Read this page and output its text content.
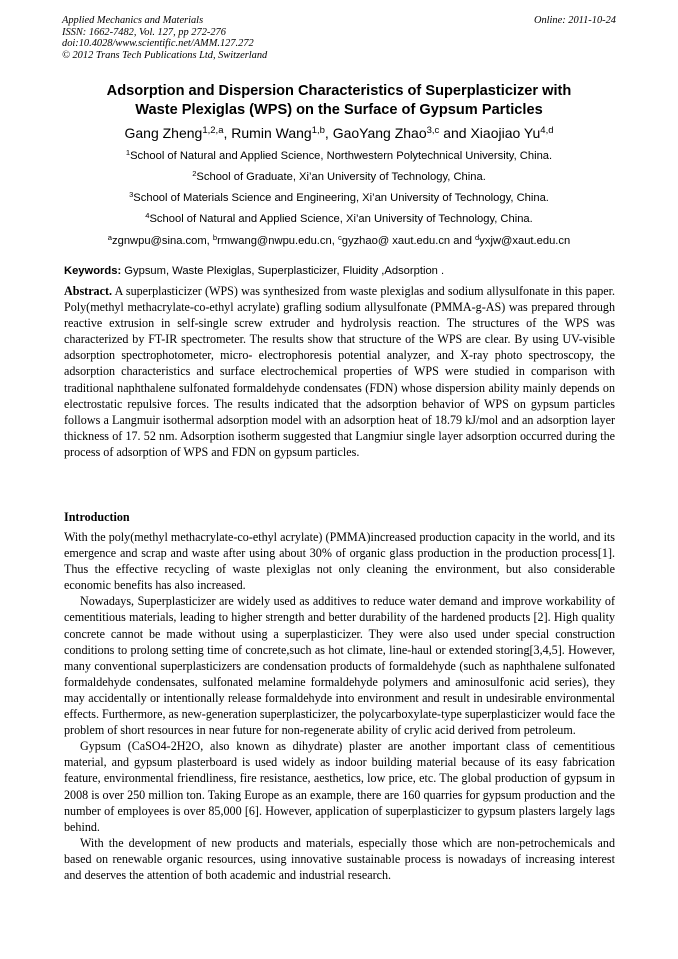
Applied Mechanics and Materials
ISSN: 1662-7482, Vol. 127, pp 272-276
doi:10.4028/www.scientific.net/AMM.127.272
© 2012 Trans Tech Publications Ltd, Switzerland
Online: 2011-10-24
Adsorption and Dispersion Characteristics of Superplasticizer with
Waste Plexiglas (WPS) on the Surface of Gypsum Particles
Gang Zheng$^{1,2,a}$, Rumin Wang$^{1,b}$, GaoYang Zhao$^{3,c}$ and Xiaojiao Yu$^{4,d}$
$^1$School of Natural and Applied Science, Northwestern Polytechnical University, China.
$^2$School of Graduate, Xi’an University of Technology, China.
$^3$School of Materials Science and Engineering, Xi’an University of Technology, China.
$^4$School of Natural and Applied Science, Xi’an University of Technology, China.
$^a$zgnwpu@sina.com, $^b$rmwang@nwpu.edu.cn, $^c$gyzhao@ xaut.edu.cn and $^d$yxjw@xaut.edu.cn
Keywords: Gypsum, Waste Plexiglas, Superplasticizer, Fluidity ,Adsorption .
Abstract. A superplasticizer (WPS) was synthesized from waste plexiglas and sodium allysulfonate in this paper. Poly(methyl methacrylate-co-ethyl acrylate) grafling sodium allysulfonate (PMMA-g-AS) was prepared through reactive extrusion in self-single screw extruder and hydrolysis reaction. The structures of the WPS was characterized by FT-IR spectrometer. The results show that structure of the WPS are clear. By using UV-visible adsorption spectrophotometer, micro- electrophoresis potential analyzer, and X-ray photo spectroscopy, the adsorption characteristics and surface electrochemical properties of WPS were studied in comparison with traditional naphthalene sulfonated formaldehyde condensates (FDN) whose dispersion ability mainly depends on electrostatic repulsive forces. The results indicated that the adsorption behavior of WPS on gypsum particles follows a Langmuir isothermal adsorption model with an adsorption heat of 18.79 kJ/mol and an adsorption layer thickness of 17. 52 nm. Adsorption isotherm suggested that Langmiur single layer adsorption occurred during the process of adsorption of WPS and FDN on gypsum particles.
Introduction

With the poly(methyl methacrylate-co-ethyl acrylate) (PMMA)increased production capacity in the world, and its emergence and scrap and waste after using about 30% of organic glass production in the production process[1]. Thus the effective recycling of waste plexiglas not only cleaning the environment, but also considerable economic benefits has also increased.

Nowadays, Superplasticizer are widely used as additives to reduce water demand and improve workability of cementitious materials, leading to higher strength and better durability of the hardened products [2]. High quality concrete cannot be made without using a superplasticizer. They were also used under special construction conditions to prolong setting time of concrete,such as hot climate, line-haul or extended storing[3,4,5]. However, many conventional superplasticizers are condensation products of formaldehyde (such as naphthalene sulfonated formaldehyde condensates, sulfonated melamine formaldehyde polymers and aminosulfonic acid series), they may accidentally or intentionally release formaldehyde into environment and result in undesirable environmental effects. Furthermore, as new-generation superplasticizer, the polycarboxylate-type superplasticizer would face the problem of short resources in near future for non-regenerate ability of crylic acid derived from petroleum.

Gypsum (CaSO4-2H2O, also known as dihydrate) plaster are another important class of cementitious material, and gypsum plasterboard is used widely as indoor building material because of its easy fabrication feature, environmental friendliness, fire resistance, aesthetics, low price, etc. The global production of gypsum in 2008 is over 250 million ton. Taking Europe as an example, there are 160 quarries for gypsum production and the number of employees is over 85,000 [6]. However, application of superplasticizer to gypsum plasters largely lags behind.

With the development of new products and materials, especially those which are non-petrochemicals and based on renewable organic resources, using innovative sustainable process is nowadays of increasing interest and deserves the attention of both academic and industrial research.
